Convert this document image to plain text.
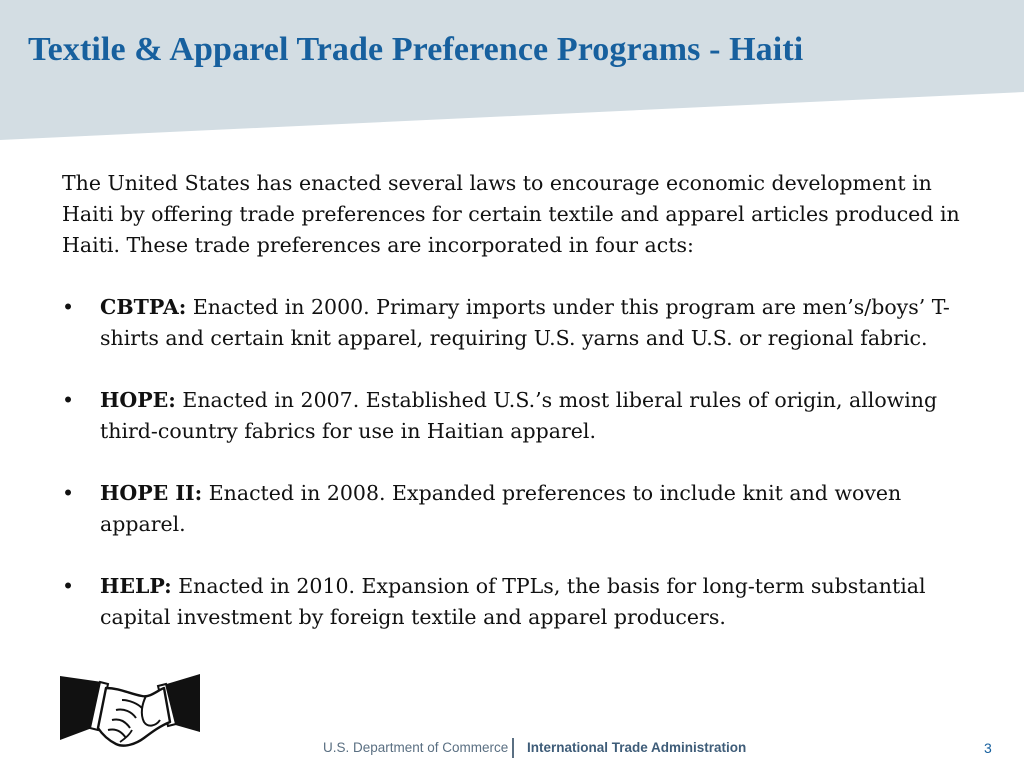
Textile & Apparel Trade Preference Programs - Haiti

The United States has enacted several laws to encourage economic development in Haiti by offering trade preferences for certain textile and apparel articles produced in Haiti. These trade preferences are incorporated in four acts:

•	CBTPA: Enacted in 2000. Primary imports under this program are men’s/boys’ T-shirts and certain knit apparel, requiring U.S. yarns and U.S. or regional fabric.
•	HOPE: Enacted in 2007. Established U.S.’s most liberal rules of origin, allowing third-country fabrics for use in Haitian apparel.
•	HOPE II: Enacted in 2008. Expanded preferences to include knit and woven apparel.
•	HELP: Enacted in 2010. Expansion of TPLs, the basis for long-term substantial capital investment by foreign textile and apparel producers.
U.S. Department of Commerce International Trade Administration	3
